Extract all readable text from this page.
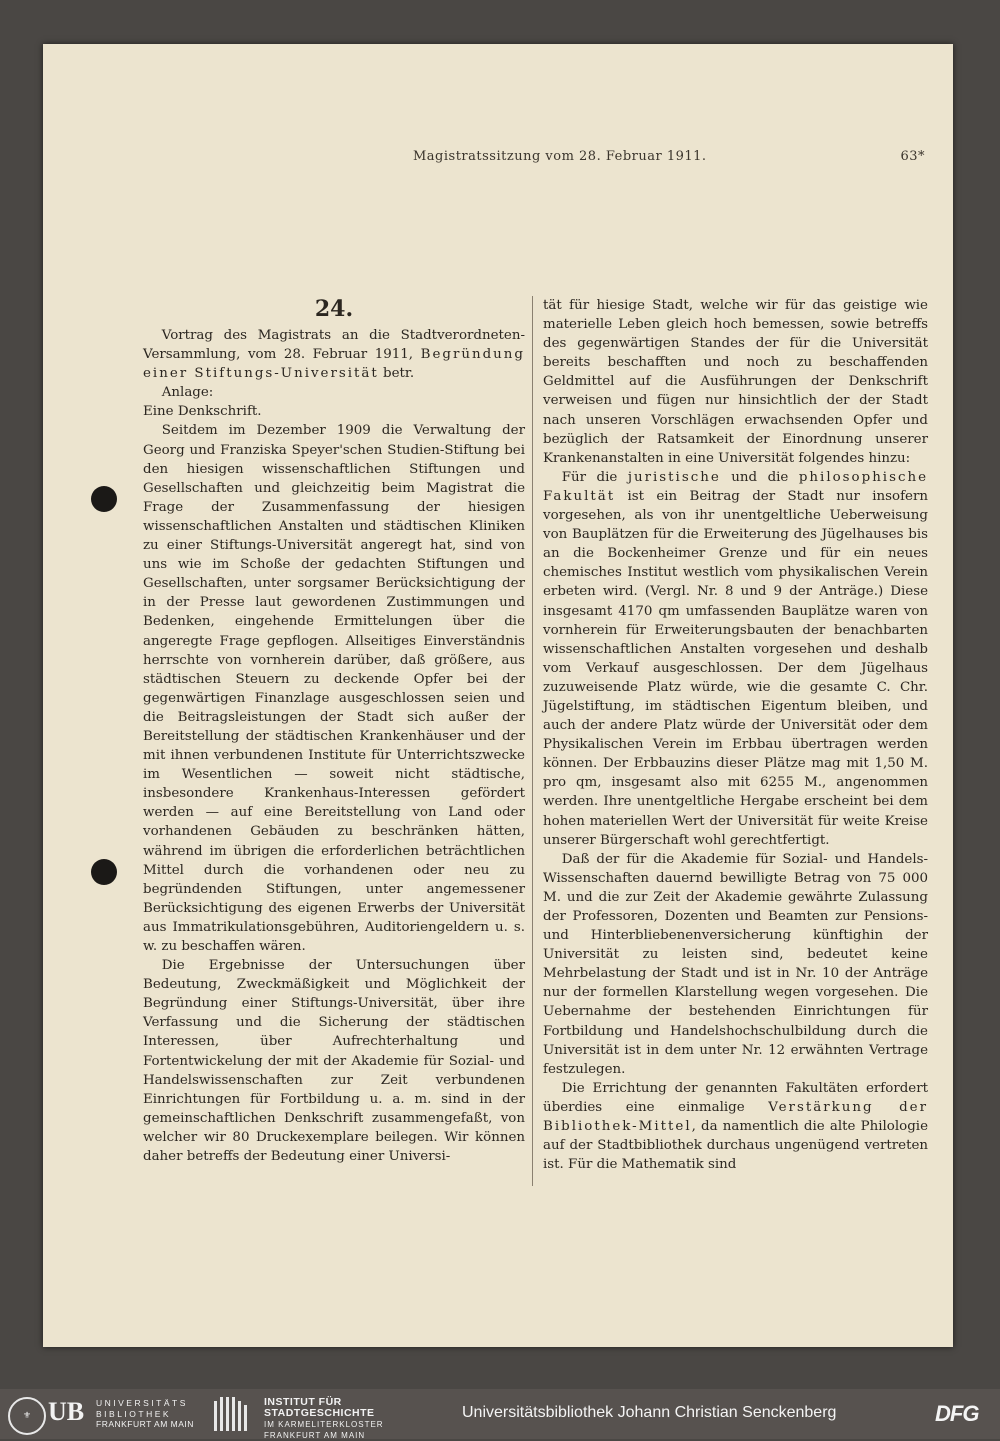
Magistratssitzung vom 28. Februar 1911.	63*
24.

Vortrag des Magistrats an die Stadtverordneten-Versammlung, vom 28. Februar 1911, Begründung einer Stiftungs-Universität betr.

Anlage:

Eine Denkschrift.

Seitdem im Dezember 1909 die Verwaltung der Georg und Franziska Speyer'schen Studien-Stiftung bei den hiesigen wissenschaftlichen Stiftungen und Gesellschaften und gleichzeitig beim Magistrat die Frage der Zusammenfassung der hiesigen wissenschaftlichen Anstalten und städtischen Kliniken zu einer Stiftungs-Universität angeregt hat, sind von uns wie im Schoße der gedachten Stiftungen und Gesellschaften, unter sorgsamer Berücksichtigung der in der Presse laut gewordenen Zustimmungen und Bedenken, eingehende Ermittelungen über die angeregte Frage gepflogen. Allseitiges Einverständnis herrschte von vornherein darüber, daß größere, aus städtischen Steuern zu deckende Opfer bei der gegenwärtigen Finanzlage ausgeschlossen seien und die Beitragsleistungen der Stadt sich außer der Bereitstellung der städtischen Krankenhäuser und der mit ihnen verbundenen Institute für Unterrichtszwecke im Wesentlichen — soweit nicht städtische, insbesondere Krankenhaus-Interessen gefördert werden — auf eine Bereitstellung von Land oder vorhandenen Gebäuden zu beschränken hätten, während im übrigen die erforderlichen beträchtlichen Mittel durch die vorhandenen oder neu zu begründenden Stiftungen, unter angemessener Berücksichtigung des eigenen Erwerbs der Universität aus Immatrikulationsgebühren, Auditoriengeldern u. s. w. zu beschaffen wären.

Die Ergebnisse der Untersuchungen über Bedeutung, Zweckmäßigkeit und Möglichkeit der Begründung einer Stiftungs-Universität, über ihre Verfassung und die Sicherung der städtischen Interessen, über Aufrechterhaltung und Fortentwickelung der mit der Akademie für Sozial- und Handelswissenschaften zur Zeit verbundenen Einrichtungen für Fortbildung u. a. m. sind in der gemeinschaftlichen Denkschrift zusammengefaßt, von welcher wir 80 Druckexemplare beilegen. Wir können daher betreffs der Bedeutung einer Universi-

tät für hiesige Stadt, welche wir für das geistige wie materielle Leben gleich hoch bemessen, sowie betreffs des gegenwärtigen Standes der für die Universität bereits beschafften und noch zu beschaffenden Geldmittel auf die Ausführungen der Denkschrift verweisen und fügen nur hinsichtlich der der Stadt nach unseren Vorschlägen erwachsenden Opfer und bezüglich der Ratsamkeit der Einordnung unserer Krankenanstalten in eine Universität folgendes hinzu:

Für die juristische und die philosophische Fakultät ist ein Beitrag der Stadt nur insofern vorgesehen, als von ihr unentgeltliche Ueberweisung von Bauplätzen für die Erweiterung des Jügelhauses bis an die Bockenheimer Grenze und für ein neues chemisches Institut westlich vom physikalischen Verein erbeten wird. (Vergl. Nr. 8 und 9 der Anträge.) Diese insgesamt 4170 qm umfassenden Bauplätze waren von vornherein für Erweiterungsbauten der benachbarten wissenschaftlichen Anstalten vorgesehen und deshalb vom Verkauf ausgeschlossen. Der dem Jügelhaus zuzuweisende Platz würde, wie die gesamte C. Chr. Jügelstiftung, im städtischen Eigentum bleiben, und auch der andere Platz würde der Universität oder dem Physikalischen Verein im Erbbau übertragen werden können. Der Erbbauzins dieser Plätze mag mit 1,50 M. pro qm, insgesamt also mit 6255 M., angenommen werden. Ihre unentgeltliche Hergabe erscheint bei dem hohen materiellen Wert der Universität für weite Kreise unserer Bürgerschaft wohl gerechtfertigt.

Daß der für die Akademie für Sozial- und Handels-Wissenschaften dauernd bewilligte Betrag von 75 000 M. und die zur Zeit der Akademie gewährte Zulassung der Professoren, Dozenten und Beamten zur Pensions- und Hinterbliebenenversicherung künftighin der Universität zu leisten sind, bedeutet keine Mehrbelastung der Stadt und ist in Nr. 10 der Anträge nur der formellen Klarstellung wegen vorgesehen. Die Uebernahme der bestehenden Einrichtungen für Fortbildung und Handelshochschulbildung durch die Universität ist in dem unter Nr. 12 erwähnten Vertrage festzulegen.

Die Errichtung der genannten Fakultäten erfordert überdies eine einmalige Verstärkung der Bibliothek-Mittel, da namentlich die alte Philologie auf der Stadtbibliothek durchaus ungenügend vertreten ist. Für die Mathematik sind

⚜ UB UNIVERSITÄTS
BIBLIOTHEK
FRANKFURT AM MAIN
INSTITUT FÜR
STADTGESCHICHTE
IM KARMELITERKLOSTER
FRANKFURT AM MAIN
Universitätsbibliothek Johann Christian Senckenberg	DFG
